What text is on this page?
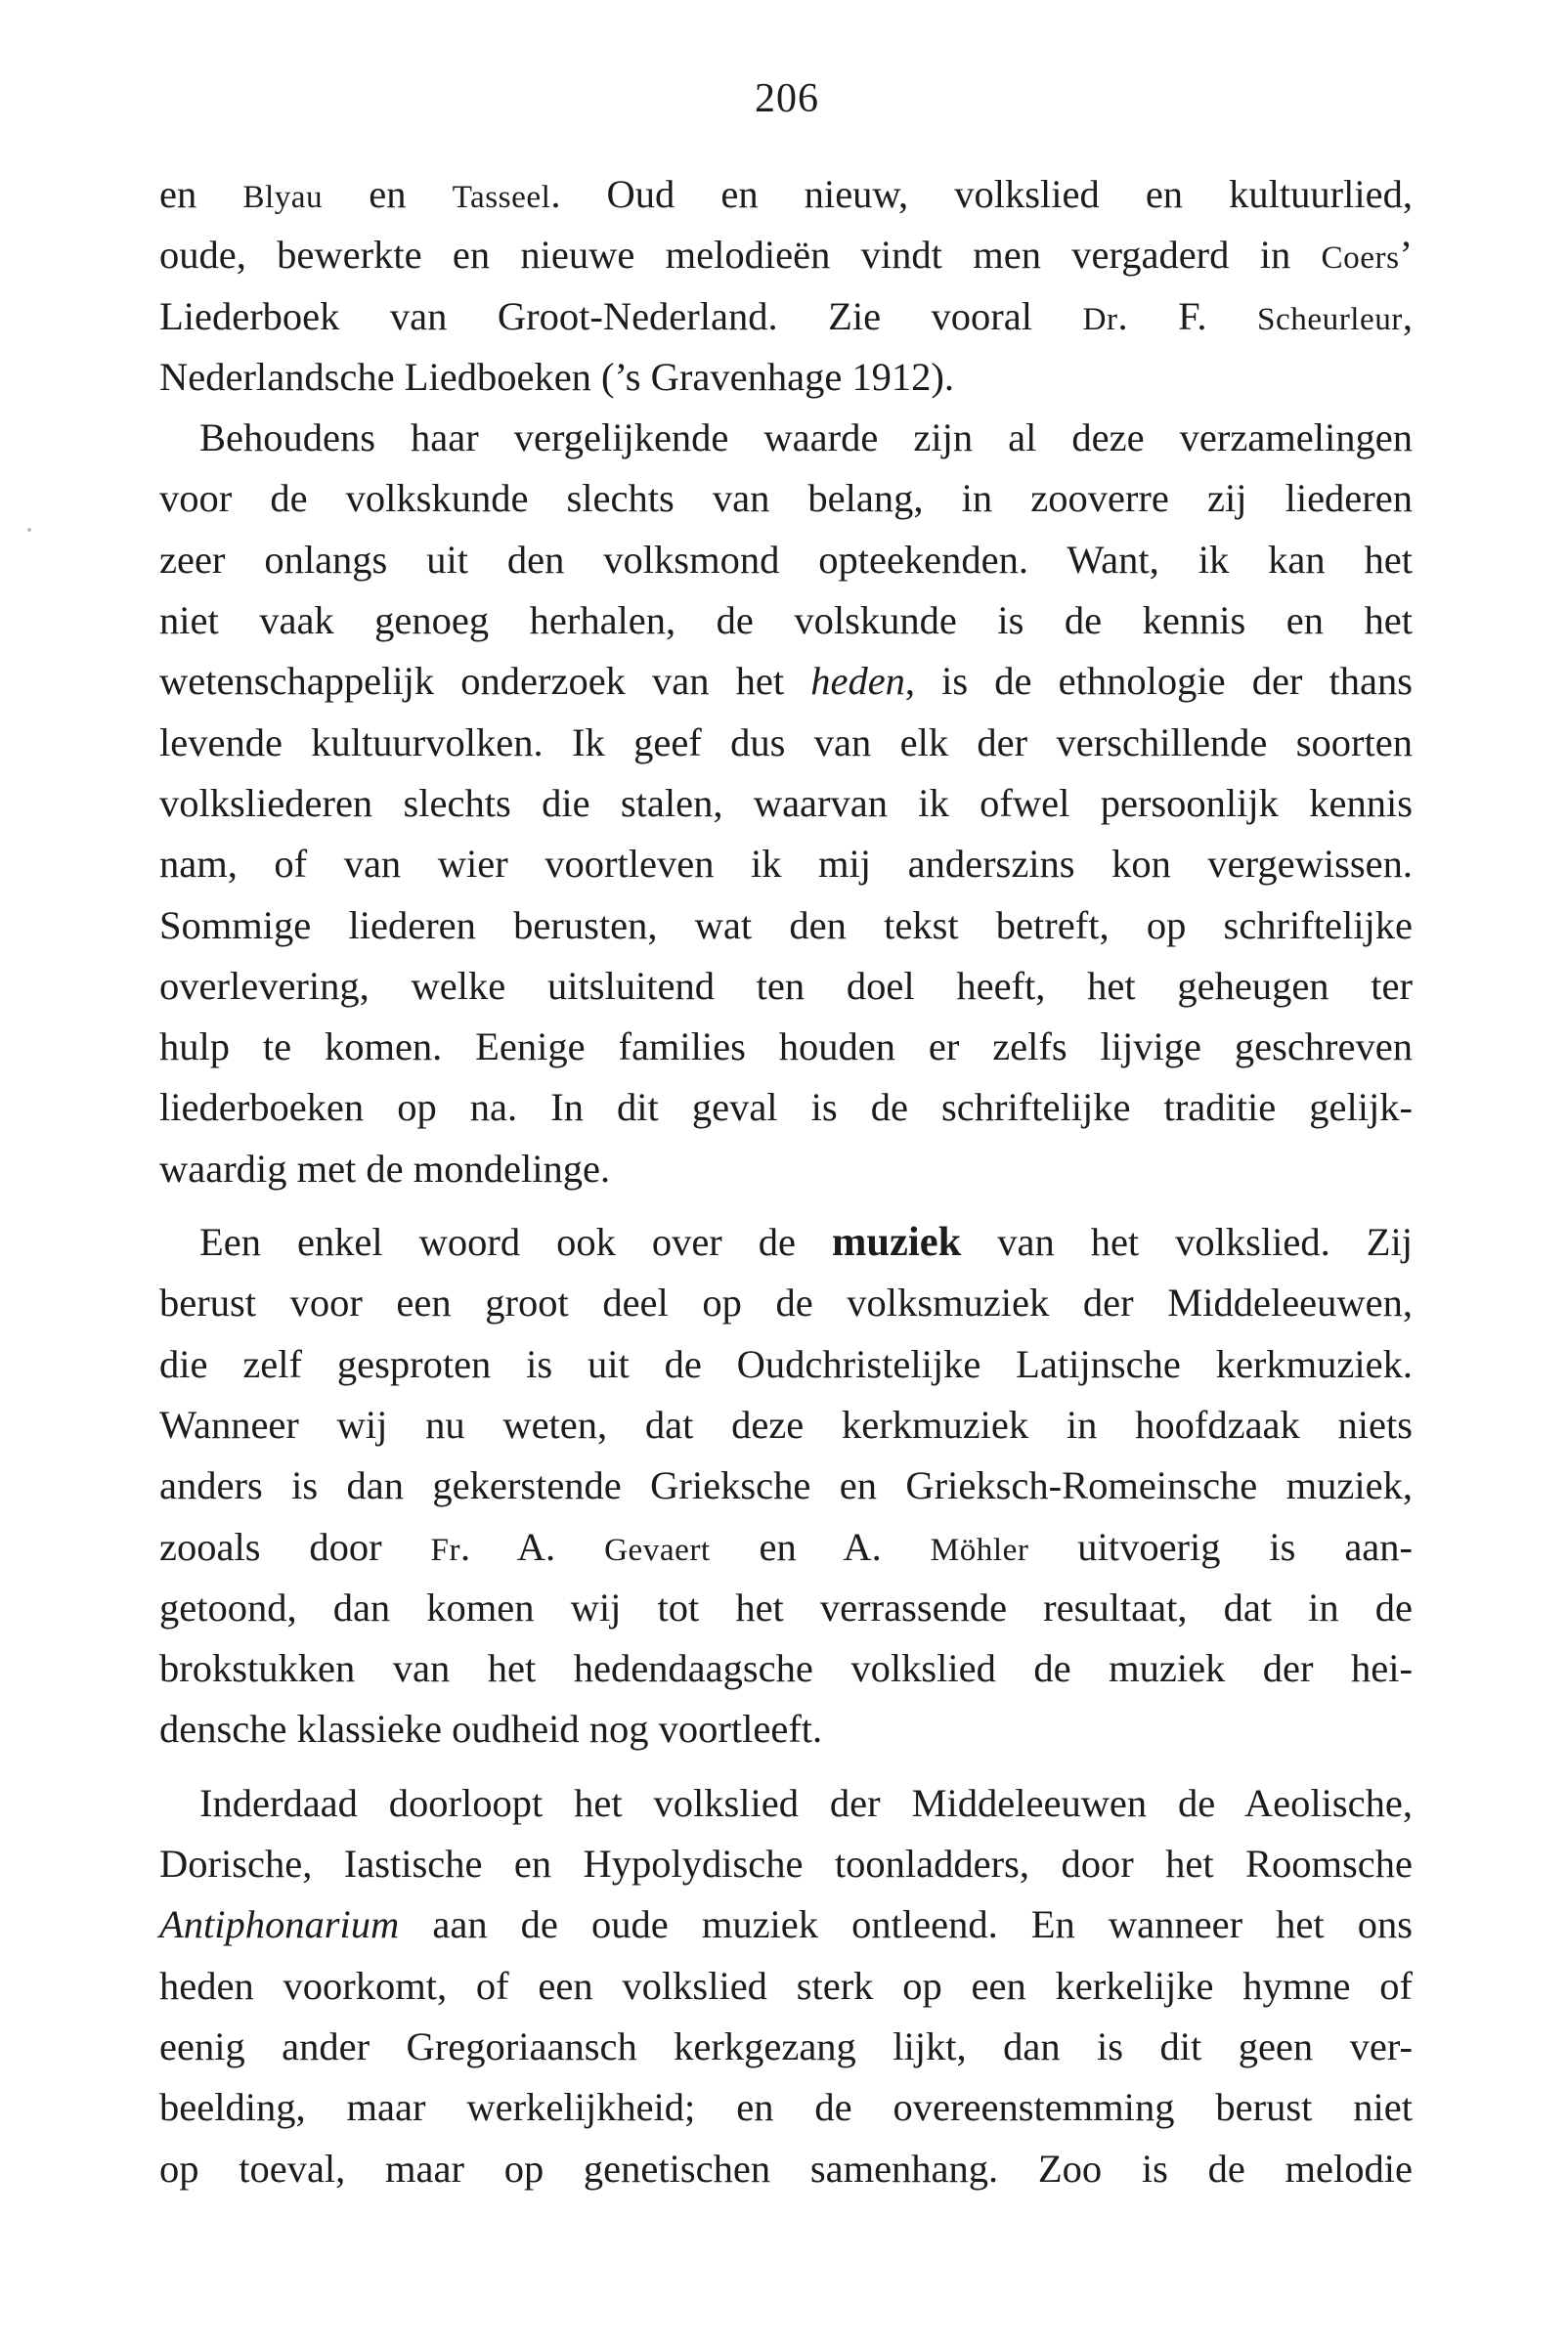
206
en Blyau en Tasseel. Oud en nieuw, volkslied en kultuurlied,
oude, bewerkte en nieuwe melodieën vindt men vergaderd in Coers’
Liederboek van Groot-Nederland. Zie vooral Dr. F. Scheurleur,
Nederlandsche Liedboeken (’s Gravenhage 1912).
Behoudens haar vergelijkende waarde zijn al deze verzamelingen
voor de volkskunde slechts van belang, in zooverre zij liederen
zeer onlangs uit den volksmond opteekenden. Want, ik kan het
niet vaak genoeg herhalen, de volskunde is de kennis en het
wetenschappelijk onderzoek van het heden, is de ethnologie der thans
levende kultuurvolken. Ik geef dus van elk der verschillende soorten
volksliederen slechts die stalen, waarvan ik ofwel persoonlijk kennis
nam, of van wier voortleven ik mij anderszins kon vergewissen.
Sommige liederen berusten, wat den tekst betreft, op schriftelijke
overlevering, welke uitsluitend ten doel heeft, het geheugen ter
hulp te komen. Eenige families houden er zelfs lijvige geschreven
liederboeken op na. In dit geval is de schriftelijke traditie gelijk-
waardig met de mondelinge.
Een enkel woord ook over de muziek van het volkslied. Zij
berust voor een groot deel op de volksmuziek der Middeleeuwen,
die zelf gesproten is uit de Oudchristelijke Latijnsche kerkmuziek.
Wanneer wij nu weten, dat deze kerkmuziek in hoofdzaak niets
anders is dan gekerstende Grieksche en Grieksch-Romeinsche muziek,
zooals door Fr. A. Gevaert en A. Möhler uitvoerig is aan-
getoond, dan komen wij tot het verrassende resultaat, dat in de
brokstukken van het hedendaagsche volkslied de muziek der hei-
densche klassieke oudheid nog voortleeft.
Inderdaad doorloopt het volkslied der Middeleeuwen de Aeolische,
Dorische, Iastische en Hypolydische toonladders, door het Roomsche
Antiphonarium aan de oude muziek ontleend. En wanneer het ons
heden voorkomt, of een volkslied sterk op een kerkelijke hymne of
eenig ander Gregoriaansch kerkgezang lijkt, dan is dit geen ver-
beelding, maar werkelijkheid; en de overeenstemming berust niet
op toeval, maar op genetischen samenhang. Zoo is de melodie
